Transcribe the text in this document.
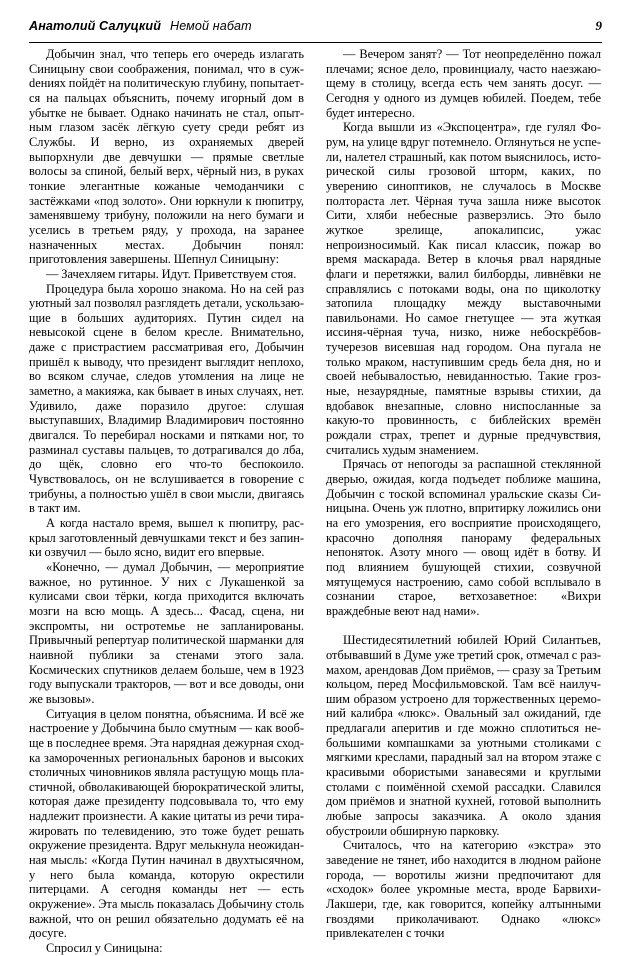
Анатолий Салуцкий Немой набат	9

Добычин знал, что теперь его очередь излагать Синицыну свои соображения, понимал, что в сужdениях пойдёт на политическую глубину, попытается на пальцах объяснить, почему игорный дом в убытке не бывает. Однако начинать не стал, опытным глазом засёк лёгкую суету среди ребят из Службы. И верно, из охраняемых дверей выпорхнули две девчушки — прямые светлые волосы за спиной, белый верх, чёрный низ, в руках тонкие элегантные кожаные чемоданчики с застёжками «под золото». Они юркнули к пюпитру, заменявшему трибуну, положили на него бумаги и уселись в третьем ряду, у прохода, на заранее назначенных местах. Добычин понял: приготовления завершены. Шепнул Синицыну:

— Зачехляем гитары. Идут. Приветствуем стоя.

Процедура была хорошо знакома. Но на сей раз уютный зал позволял разглядеть детали, ускользающие в больших аудиториях. Путин сидел на невысокой сцене в белом кресле. Внимательно, даже с пристрастием рассматривая его, Добычин пришёл к выводу, что президент выглядит неплохо, во всяком случае, следов утомления на лице не заметно, а макияжа, как бывает в иных случаях, нет. Удивило, даже поразило другое: слушая выступавших, Владимир Владимирович постоянно двигался. То перебирал носками и пятками ног, то разминал суставы пальцев, то дотрагивался до лба, до щёк, словно его что-то беспокоило. Чувствовалось, он не вслушивается в говорение с трибуны, а полностью ушёл в свои мысли, двигаясь в такт им.

А когда настало время, вышел к пюпитру, раскрыл заготовленный девчушками текст и без запинки озвучил — было ясно, видит его впервые.

«Конечно, — думал Добычин, — мероприятие важное, но рутинное. У них с Лукашенкой за кулисами свои тёрки, когда приходится включать мозги на всю мощь. А здесь... Фасад, сцена, ни экспромты, ни остротемье не запланированы. Привычный репертуар политической шарманки для наивной публики за стенами этого зала. Космических спутников делаем больше, чем в 1923 году выпускали тракторов, — вот и все доводы, они же вызовы».

Ситуация в целом понятна, объяснима. И всё же настроение у Добычина было смутным — как вообще в последнее время. Эта нарядная дежурная сходка замороченных региональных баронов и высоких столичных чиновников являла растущую мощь пластичной, обволакивающей бюрократической элиты, которая даже президенту подсовывала то, что ему надлежит произнести. А какие цитаты из речи тиражировать по телевидению, это тоже будет решать окружение президента. Вдруг мелькнула неожиданная мысль: «Когда Путин начинал в двухтысячном, у него была команда, которую окрестили питерцами. А сегодня команды нет — есть окружение». Эта мысль показалась Добычину столь важной, что он решил обязательно додумать её на досуге.

Спросил у Синицына:

— Вечером занят? — Тот неопределённо пожал плечами; ясное дело, провинциалу, часто наезжающему в столицу, всегда есть чем занять досуг. — Сегодня у одного из думцев юбилей. Поедем, тебе будет интересно.

Когда вышли из «Экспоцентра», где гулял Форум, на улице вдруг потемнело. Оглянуться не успели, налетел страшный, как потом выяснилось, исторической силы грозовой шторм, каких, по уверению синоптиков, не случалось в Москве полтораста лет. Чёрная туча зашла ниже высоток Сити, хляби небесные разверзлись. Это было жуткое зрелище, апокалипсис, ужас непроизносимый. Как писал классик, пожар во время маскарада. Ветер в клочья рвал нарядные флаги и перетяжки, валил билборды, ливнёвки не справлялись с потоками воды, она по щиколотку затопила площадку между выставочными павильонами. Но самое гнетущее — эта жуткая иссиня-чёрная туча, низко, ниже небоскрёбов-тучерезов висевшая над городом. Она пугала не только мраком, наступившим средь бела дня, но и своей небывалостью, невиданностью. Такие грозные, незаурядные, памятные взрывы стихии, да вдобавок внезапные, словно ниспосланные за какую-то провинность, с библейских времён рождали страх, трепет и дурные предчувствия, считались худым знамением.

Прячась от непогоды за распашной стеклянной дверью, ожидая, когда подъедет поближе машина, Добычин с тоской вспоминал уральские сказы Синицына. Очень уж плотно, впритирку ложились они на его умозрения, его восприятие происходящего, красочно дополняя панораму федеральных непоняток. Азоту много — овощ идёт в ботву. И под влиянием бушующей стихии, созвучной мятущемуся настроению, само собой всплывало в сознании старое, ветхозаветное: «Вихри враждебные веют над нами».

Шестидесятилетний юбилей Юрий Силантьев, отбывавший в Думе уже третий срок, отмечал с размахом, арендовав Дом приёмов, — сразу за Третьим кольцом, перед Мосфильмовской. Там всё наилучшим образом устроено для торжественных церемоний калибра «люкс». Овальный зал ожиданий, где предлагали аперитив и где можно сплотиться небольшими компашками за уютными столиками с мягкими креслами, парадный зал на втором этаже с красивыми обористыми занавесями и круглыми столами с поимённой схемой рассадки. Славился дом приёмов и знатной кухней, готовой выполнить любые запросы заказчика. А около здания обустроили обширную парковку.

Считалось, что на категорию «экстра» это заведение не тянет, ибо находится в людном районе города, — воротилы жизни предпочитают для «сходок» более укромные места, вроде Барвихи-Лакшери, где, как говорится, копейку алтынными гвоздями приколачивают. Однако «люкс» привлекателен с точки
